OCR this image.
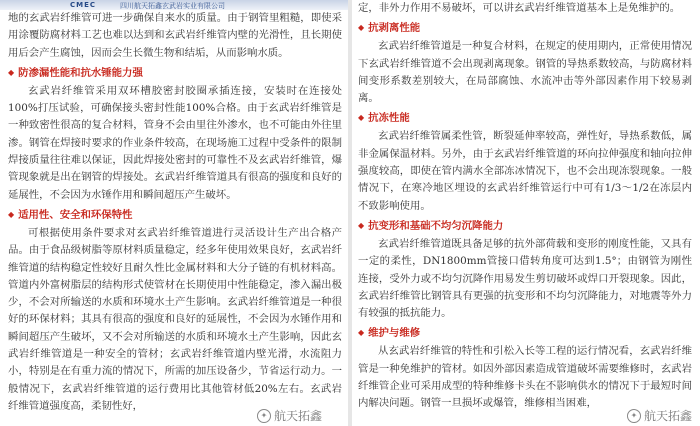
CMEC	四川航天拓鑫玄武岩实业有限公司

地的玄武岩纤维管可进一步确保自来水的质量。由于钢管里粗糙，即使采用涂覆防腐材料工艺也难以达到和玄武岩纤维管内壁的光滑性，且长期使用后会产生腐蚀，因而会生长微生物和结垢，从而影响水质。

◆ 防渗漏性能和抗水锤能力强

玄武岩纤维管采用双环槽胶密封胶圈承插连接，安装时在连接处100%打压试验，可确保接头密封性能100%合格。由于玄武岩纤维管是一种致密性很高的复合材料，管身不会由里往外渗水，也不可能由外往里渗。钢管在焊接时要求的作业条件较高，在现场施工过程中受条件的限制焊接质量往往难以保证，因此焊接处密封的可靠性不及玄武岩纤维管，爆管现象就是出在钢管的焊接处。玄武岩纤维管道具有很高的强度和良好的延展性，不会因为水锤作用和瞬间超压产生破坏。

◆ 适用性、安全和环保特性

可根据使用条件要求对玄武岩纤维管道进行灵活设计生产出合格产品。由于食品级树脂等原材料质量稳定，经多年使用效果良好，玄武岩纤维管道的结构稳定性较好且耐久性比金属材料和大分子链的有机材料高。管道内外富树脂层的结构形式使管材在长期使用中性能稳定，渗入漏出极少，不会对所输送的水质和环境水土产生影响。玄武岩纤维管道是一种很好的环保材料；其具有很高的强度和良好的延展性，不会因为水锤作用和瞬间超压产生破坏，又不会对所输送的水质和环境水土产生影响，因此玄武岩纤维管道是一种安全的管材；玄武岩纤维管道内壁光滑，水流阻力小，特别是在有重力流的情况下，所需的加压设备少，节省运行动力。一般情况下，玄武岩纤维管道的运行费用比其他管材低20%左右。玄武岩纤维管道强度高，柔韧性好，

✦ 航天拓鑫

定，非外力作用不易破坏，可以讲玄武岩纤维管道基本上是免维护的。

◆ 抗剥离性能

玄武岩纤维管道是一种复合材料，在规定的使用期内，正常使用情况下玄武岩纤维管道不会出现剥离现象。钢管的导热系数较高，与防腐材料间变形系数差别较大，在局部腐蚀、水流冲击等外部因素作用下较易剥离。

◆ 抗冻性能

玄武岩纤维管属柔性管，断裂延伸率较高，弹性好，导热系数低，属非金属保温材料。另外，由于玄武岩纤维管道的环向拉伸强度和轴向拉伸强度较高，即使在管内满水全部冻冰情况下，也不会出现冻裂现象。一般情况下，在寒冷地区埋设的玄武岩纤维管运行中可有1/3～1/2在冻层内不致影响使用。

◆ 抗变形和基础不均匀沉降能力

玄武岩纤维管道既具备足够的抗外部荷载和变形的刚度性能，又具有一定的柔性，DN1800mm管接口借转角度可达到1.5°；由钢管为刚性连接，受外力或不均匀沉降作用易发生剪切破坏或焊口开裂现象。因此，玄武岩纤维管比钢管具有更强的抗变形和不均匀沉降能力，对地震等外力有较强的抵抗能力。

◆ 维护与维修

从玄武岩纤维管的特性和引松入长等工程的运行情况看，玄武岩纤维管是一种免维护的管材。如因外部因素造成管道破坏需要维修时，玄武岩纤维管企业可采用成型的特种维修卡头在不影响供水的情况下于最短时间内解决问题。钢管一旦损坏或爆管，维修相当困难，

✦ 航天拓鑫
